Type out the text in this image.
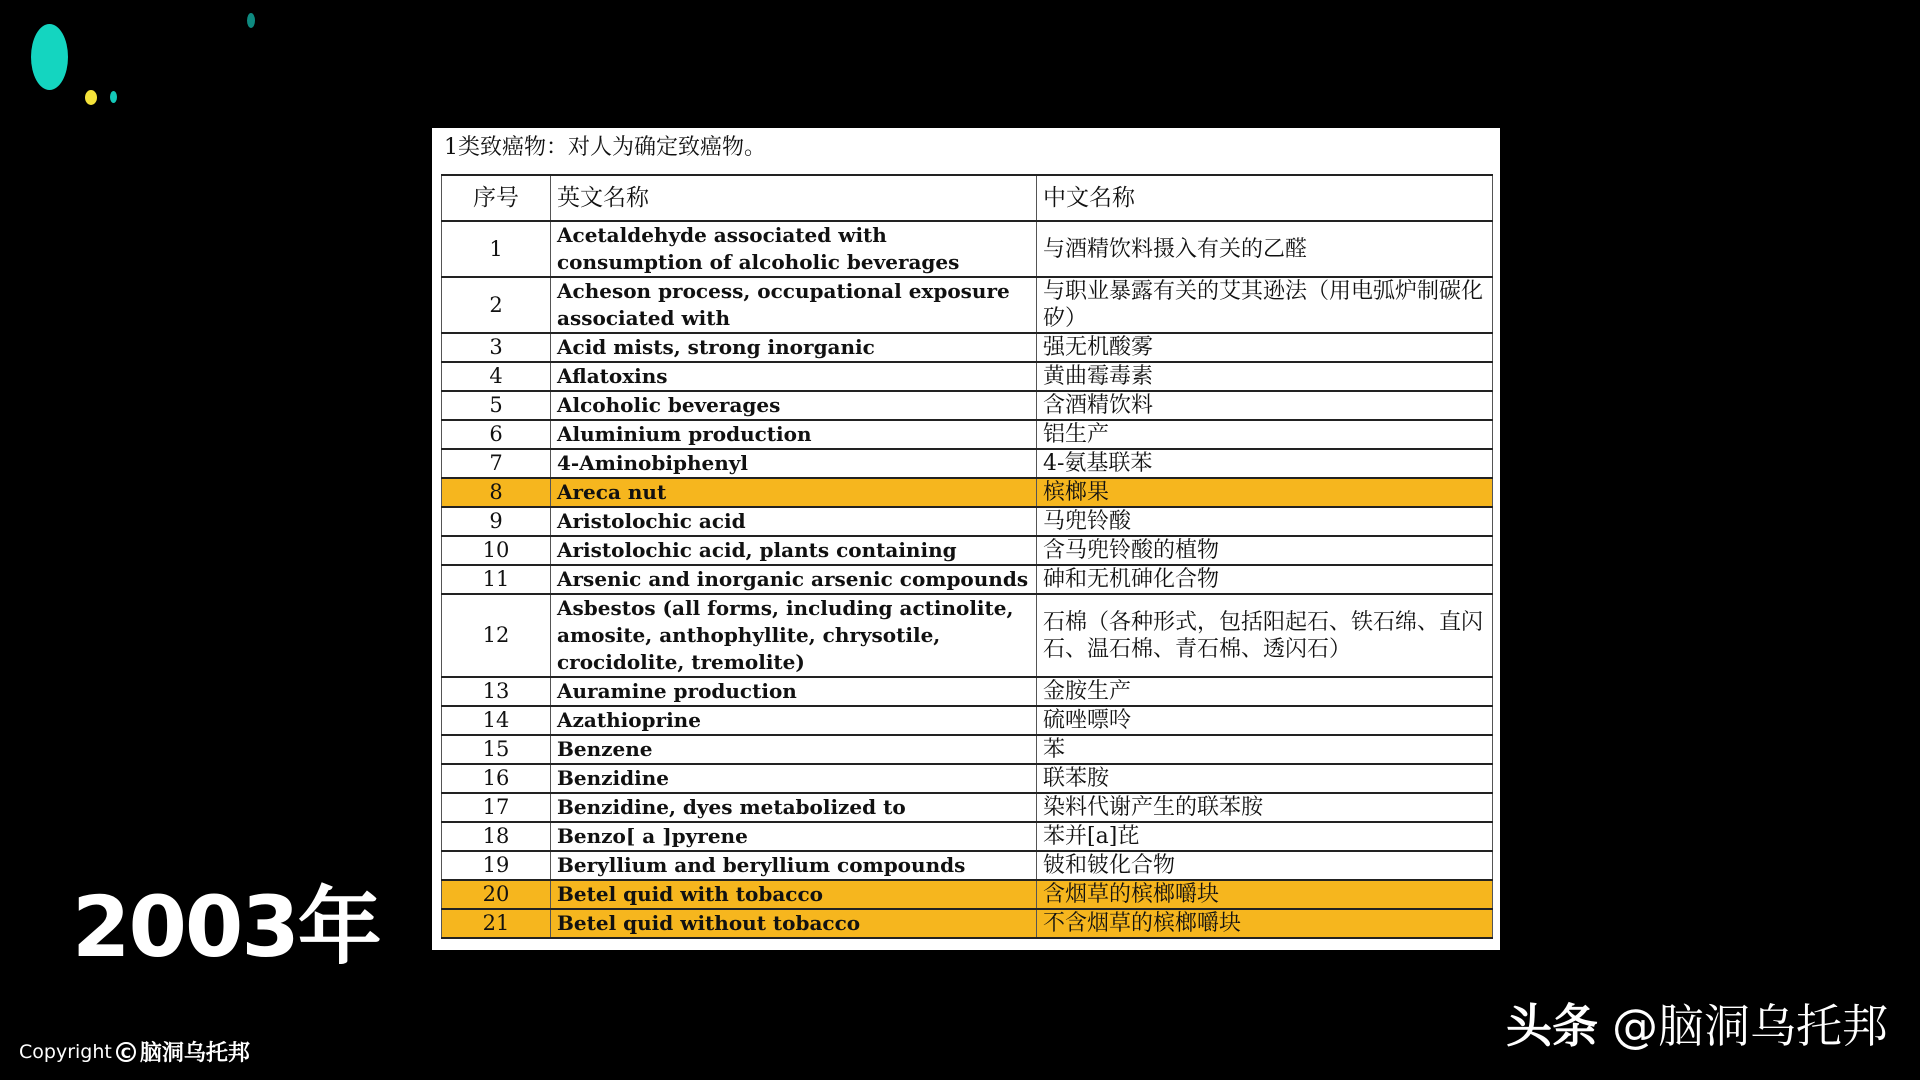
1类致癌物：对人为确定致癌物。
序号	英文名称	中文名称
1	Acetaldehyde associated with consumption of alcoholic beverages	与酒精饮料摄入有关的乙醛
2	Acheson process, occupational exposure associated with	与职业暴露有关的艾其逊法（用电弧炉制碳化矽）
3	Acid mists, strong inorganic	强无机酸雾
4	Aflatoxins	黄曲霉毒素
5	Alcoholic beverages	含酒精饮料
6	Aluminium production	铝生产
7	4-Aminobiphenyl	4-氨基联苯
8	Areca nut	槟榔果
9	Aristolochic acid	马兜铃酸
10	Aristolochic acid, plants containing	含马兜铃酸的植物
11	Arsenic and inorganic arsenic compounds	砷和无机砷化合物
12	Asbestos (all forms, including actinolite, amosite, anthophyllite, chrysotile, crocidolite, tremolite)	石棉（各种形式，包括阳起石、铁石绵、直闪石、温石棉、青石棉、透闪石）
13	Auramine production	金胺生产
14	Azathioprine	硫唑嘌呤
15	Benzene	苯
16	Benzidine	联苯胺
17	Benzidine, dyes metabolized to	染料代谢产生的联苯胺
18	Benzo[ a ]pyrene	苯并[a]芘
19	Beryllium and beryllium compounds	铍和铍化合物
20	Betel quid with tobacco	含烟草的槟榔嚼块
21	Betel quid without tobacco	不含烟草的槟榔嚼块
2003年
Copyright C 脑洞乌托邦
头条 @脑洞乌托邦
